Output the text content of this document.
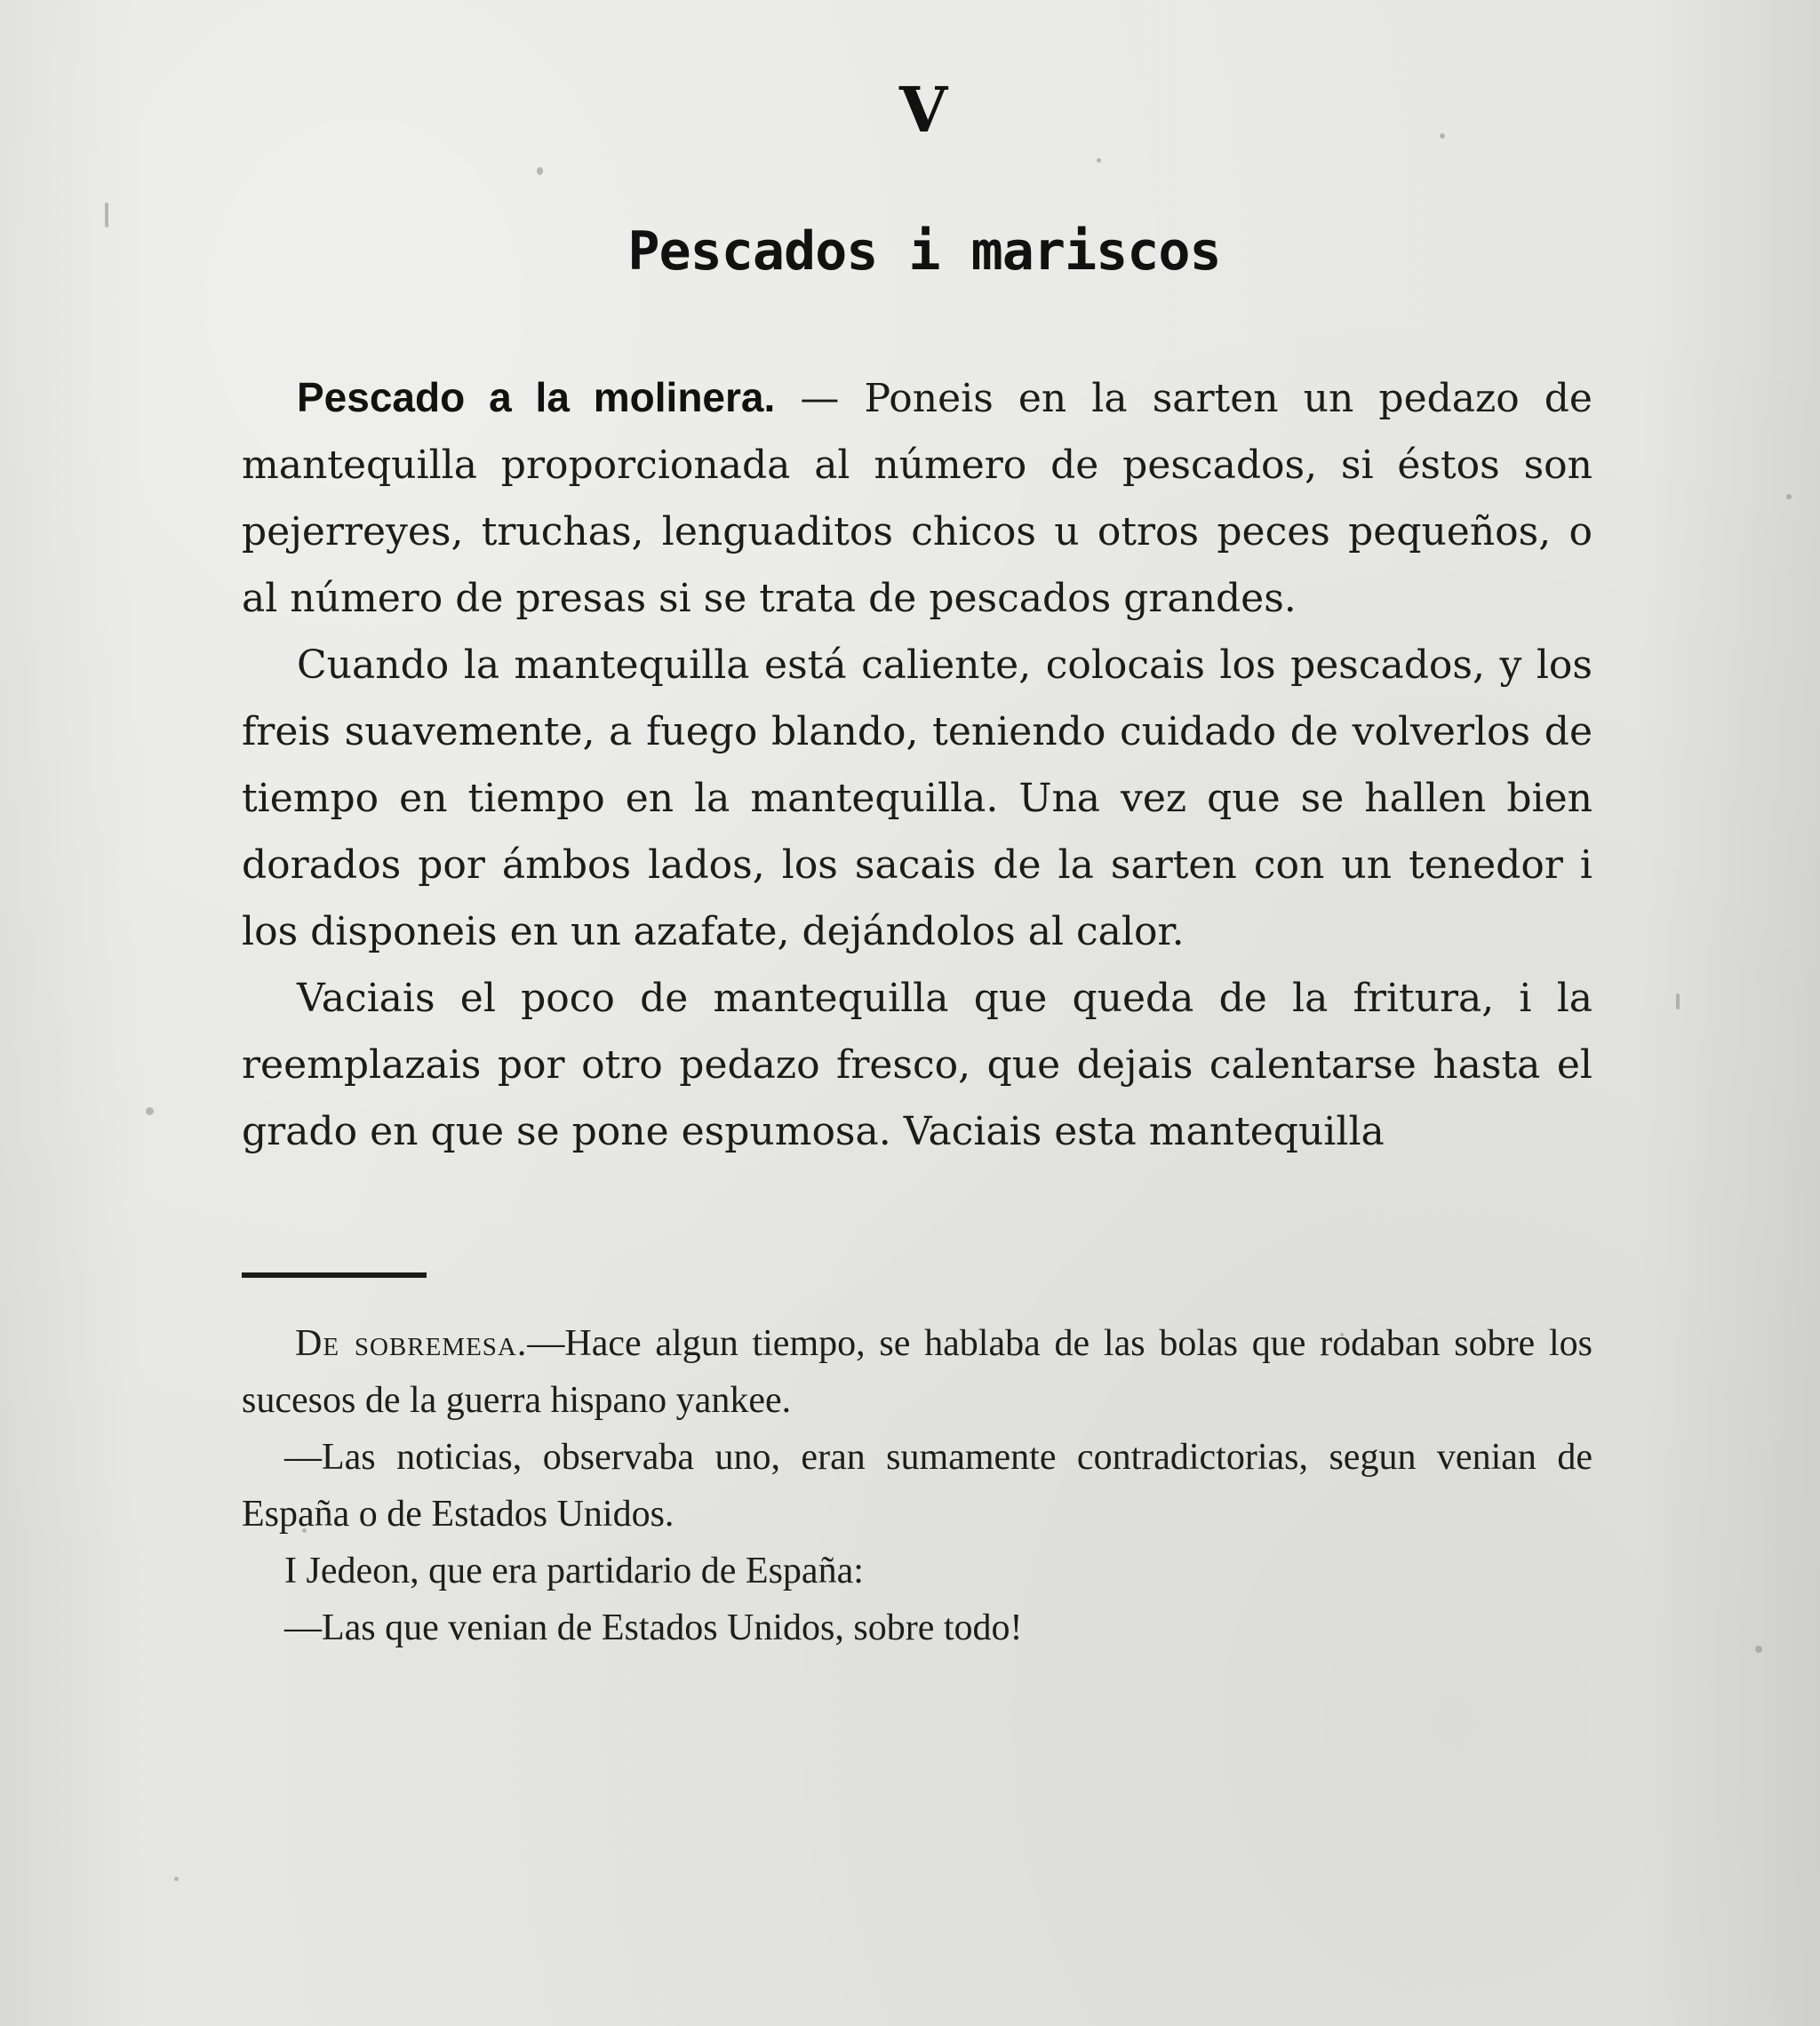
V
Pescados i mariscos

Pescado a la molinera. — Poneis en la sarten un pedazo de mantequilla proporcionada al número de pescados, si éstos son pejerreyes, truchas, lenguaditos chicos u otros peces pequeños, o al número de presas si se trata de pescados grandes.

Cuando la mantequilla está caliente, colocais los pescados, y los freis suavemente, a fuego blando, teniendo cuidado de volverlos de tiempo en tiempo en la mantequilla. Una vez que se hallen bien dorados por ámbos lados, los sacais de la sarten con un tenedor i los disponeis en un azafate, dejándolos al calor.

Vaciais el poco de mantequilla que queda de la fritura, i la reemplazais por otro pedazo fresco, que dejais calentarse hasta el grado en que se pone espumosa. Vaciais esta mantequilla

De sobremesa.—Hace algun tiempo, se hablaba de las bolas que rodaban sobre los sucesos de la guerra hispano yankee.

—Las noticias, observaba uno, eran sumamente contradictorias, segun venian de España o de Estados Unidos.

I Jedeon, que era partidario de España:

—Las que venian de Estados Unidos, sobre todo!
